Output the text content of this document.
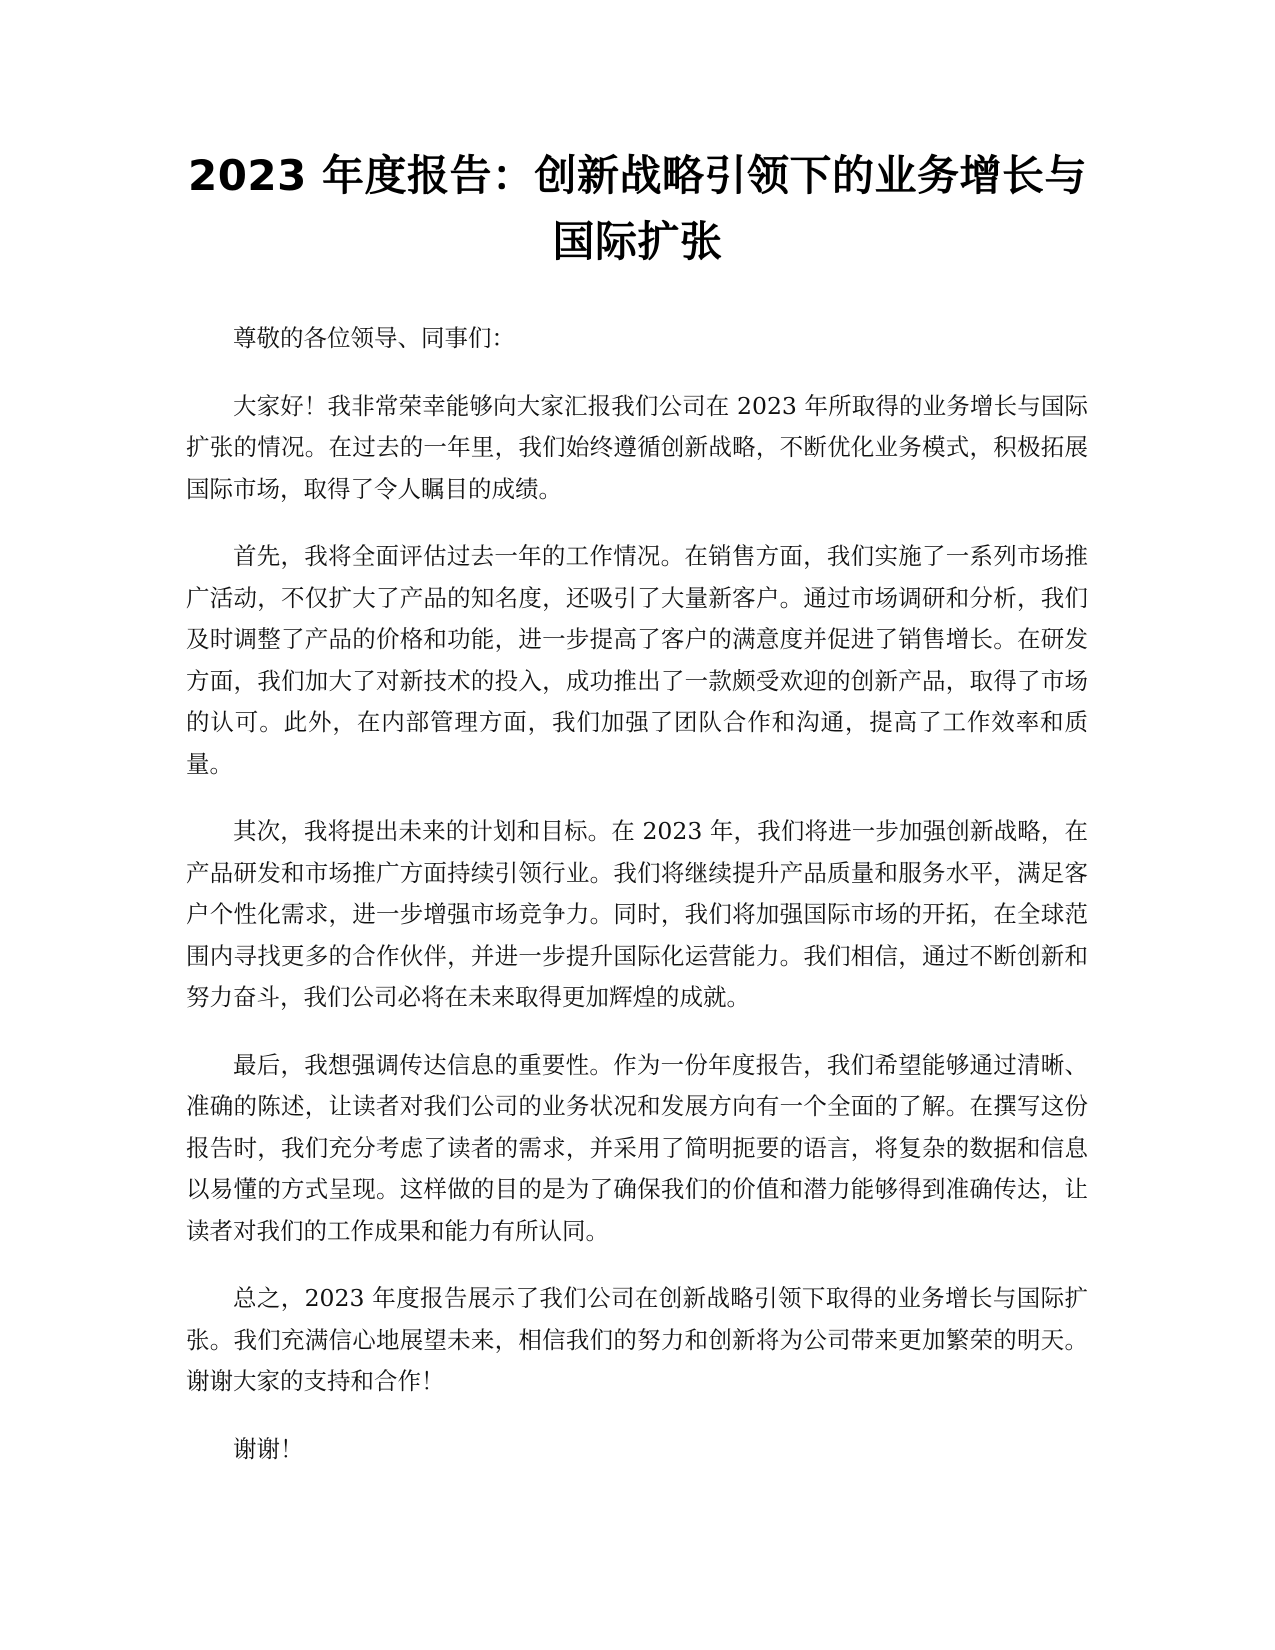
2023 年度报告：创新战略引领下的业务增长与国际扩张

尊敬的各位领导、同事们：

大家好！我非常荣幸能够向大家汇报我们公司在 2023 年所取得的业务增长与国际扩张的情况。在过去的一年里，我们始终遵循创新战略，不断优化业务模式，积极拓展国际市场，取得了令人瞩目的成绩。

首先，我将全面评估过去一年的工作情况。在销售方面，我们实施了一系列市场推广活动，不仅扩大了产品的知名度，还吸引了大量新客户。通过市场调研和分析，我们及时调整了产品的价格和功能，进一步提高了客户的满意度并促进了销售增长。在研发方面，我们加大了对新技术的投入，成功推出了一款颇受欢迎的创新产品，取得了市场的认可。此外，在内部管理方面，我们加强了团队合作和沟通，提高了工作效率和质量。

其次，我将提出未来的计划和目标。在 2023 年，我们将进一步加强创新战略，在产品研发和市场推广方面持续引领行业。我们将继续提升产品质量和服务水平，满足客户个性化需求，进一步增强市场竞争力。同时，我们将加强国际市场的开拓，在全球范围内寻找更多的合作伙伴，并进一步提升国际化运营能力。我们相信，通过不断创新和努力奋斗，我们公司必将在未来取得更加辉煌的成就。

最后，我想强调传达信息的重要性。作为一份年度报告，我们希望能够通过清晰、准确的陈述，让读者对我们公司的业务状况和发展方向有一个全面的了解。在撰写这份报告时，我们充分考虑了读者的需求，并采用了简明扼要的语言，将复杂的数据和信息以易懂的方式呈现。这样做的目的是为了确保我们的价值和潜力能够得到准确传达，让读者对我们的工作成果和能力有所认同。

总之，2023 年度报告展示了我们公司在创新战略引领下取得的业务增长与国际扩张。我们充满信心地展望未来，相信我们的努力和创新将为公司带来更加繁荣的明天。谢谢大家的支持和合作！

谢谢！
